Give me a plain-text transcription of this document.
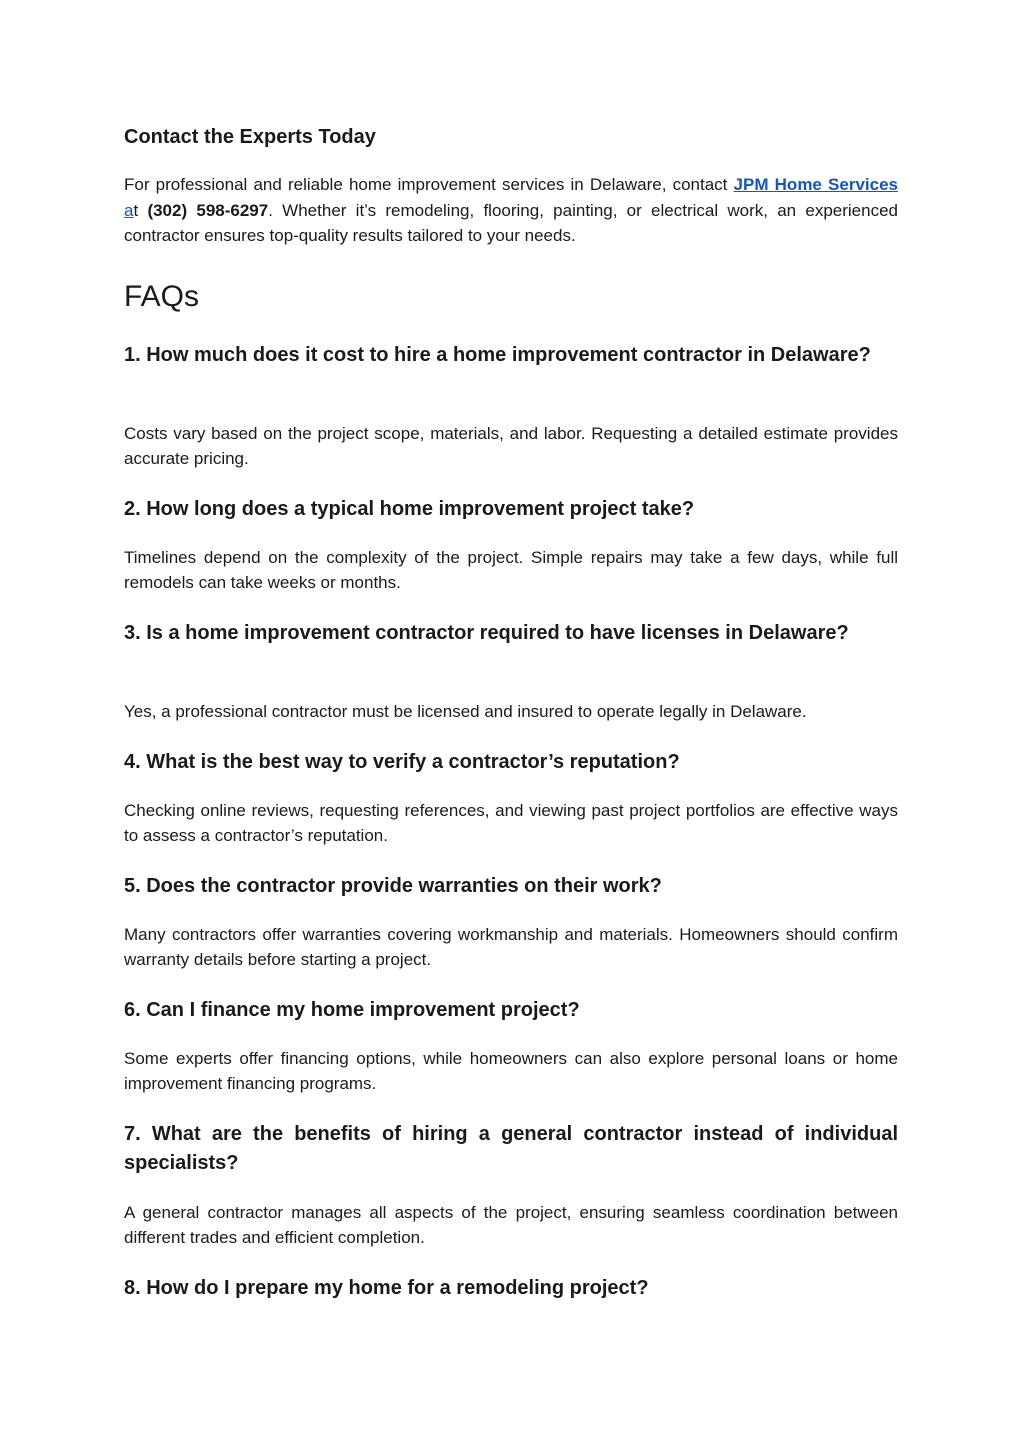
Contact the Experts Today

For professional and reliable home improvement services in Delaware, contact JPM Home Services at (302) 598-6297. Whether it’s remodeling, flooring, painting, or electrical work, an experienced contractor ensures top-quality results tailored to your needs.

FAQs
1. How much does it cost to hire a home improvement contractor in Delaware?

Costs vary based on the project scope, materials, and labor. Requesting a detailed estimate provides accurate pricing.

2. How long does a typical home improvement project take?

Timelines depend on the complexity of the project. Simple repairs may take a few days, while full remodels can take weeks or months.

3. Is a home improvement contractor required to have licenses in Delaware?

Yes, a professional contractor must be licensed and insured to operate legally in Delaware.

4. What is the best way to verify a contractor’s reputation?

Checking online reviews, requesting references, and viewing past project portfolios are effective ways to assess a contractor’s reputation.

5. Does the contractor provide warranties on their work?

Many contractors offer warranties covering workmanship and materials. Homeowners should confirm warranty details before starting a project.

6. Can I finance my home improvement project?

Some experts offer financing options, while homeowners can also explore personal loans or home improvement financing programs.

7. What are the benefits of hiring a general contractor instead of individual specialists?

A general contractor manages all aspects of the project, ensuring seamless coordination between different trades and efficient completion.

8. How do I prepare my home for a remodeling project?
